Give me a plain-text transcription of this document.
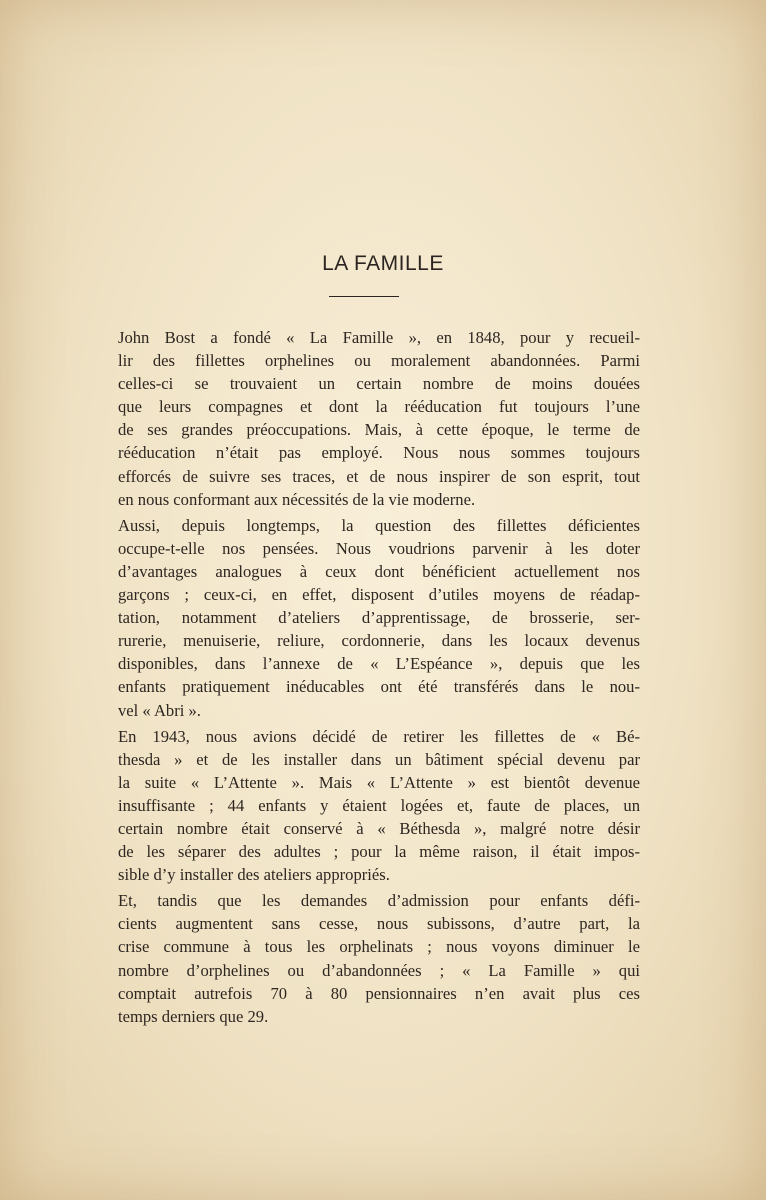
LA FAMILLE

John Bost a fondé « La Famille », en 1848, pour y recueil-
lir des fillettes orphelines ou moralement abandonnées. Parmi
celles-ci se trouvaient un certain nombre de moins douées
que leurs compagnes et dont la rééducation fut toujours l’une
de ses grandes préoccupations. Mais, à cette époque, le terme de
rééducation n’était pas employé. Nous nous sommes toujours
efforcés de suivre ses traces, et de nous inspirer de son esprit, tout
en nous conformant aux nécessités de la vie moderne.

Aussi, depuis longtemps, la question des fillettes déficientes
occupe-t-elle nos pensées. Nous voudrions parvenir à les doter
d’avantages analogues à ceux dont bénéficient actuellement nos
garçons ; ceux-ci, en effet, disposent d’utiles moyens de réadap-
tation, notamment d’ateliers d’apprentissage, de brosserie, ser-
rurerie, menuiserie, reliure, cordonnerie, dans les locaux devenus
disponibles, dans l’annexe de « L’Espéance », depuis que les
enfants pratiquement inéducables ont été transférés dans le nou-
vel « Abri ».

En 1943, nous avions décidé de retirer les fillettes de « Bé-
thesda » et de les installer dans un bâtiment spécial devenu par
la suite « L’Attente ». Mais « L’Attente » est bientôt devenue
insuffisante ; 44 enfants y étaient logées et, faute de places, un
certain nombre était conservé à « Béthesda », malgré notre désir
de les séparer des adultes ; pour la même raison, il était impos-
sible d’y installer des ateliers appropriés.

Et, tandis que les demandes d’admission pour enfants défi-
cients augmentent sans cesse, nous subissons, d’autre part, la
crise commune à tous les orphelinats ; nous voyons diminuer le
nombre d’orphelines ou d’abandonnées ; « La Famille » qui
comptait autrefois 70 à 80 pensionnaires n’en avait plus ces
temps derniers que 29.
